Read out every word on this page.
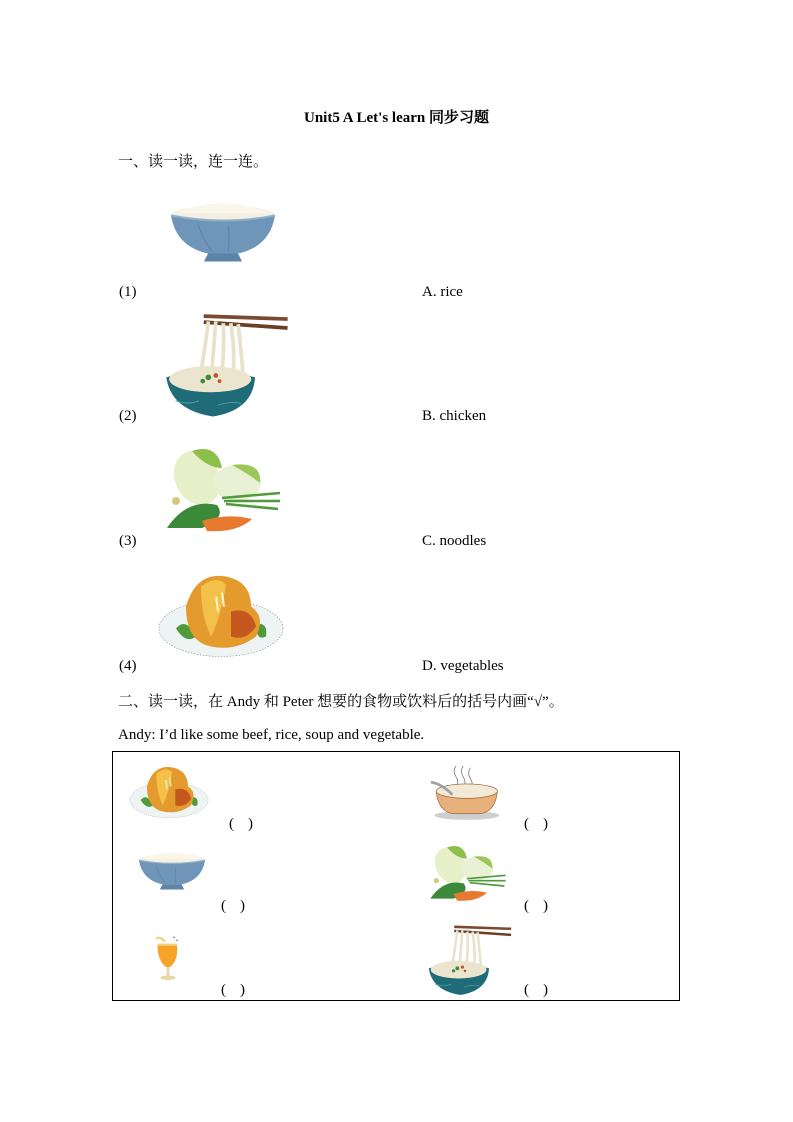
Unit5 A Let's learn 同步习题
一、读一读，连一连。
(1)	A. rice
(2)	B. chicken
(3)	C. noodles
(4)	D. vegetables
二、读一读，在 Andy 和 Peter 想要的食物或饮料后的括号内画“√”。
Andy: I’d like some beef, rice, soup and vegetable.
( )	( )
( )	( )
( )	( )
